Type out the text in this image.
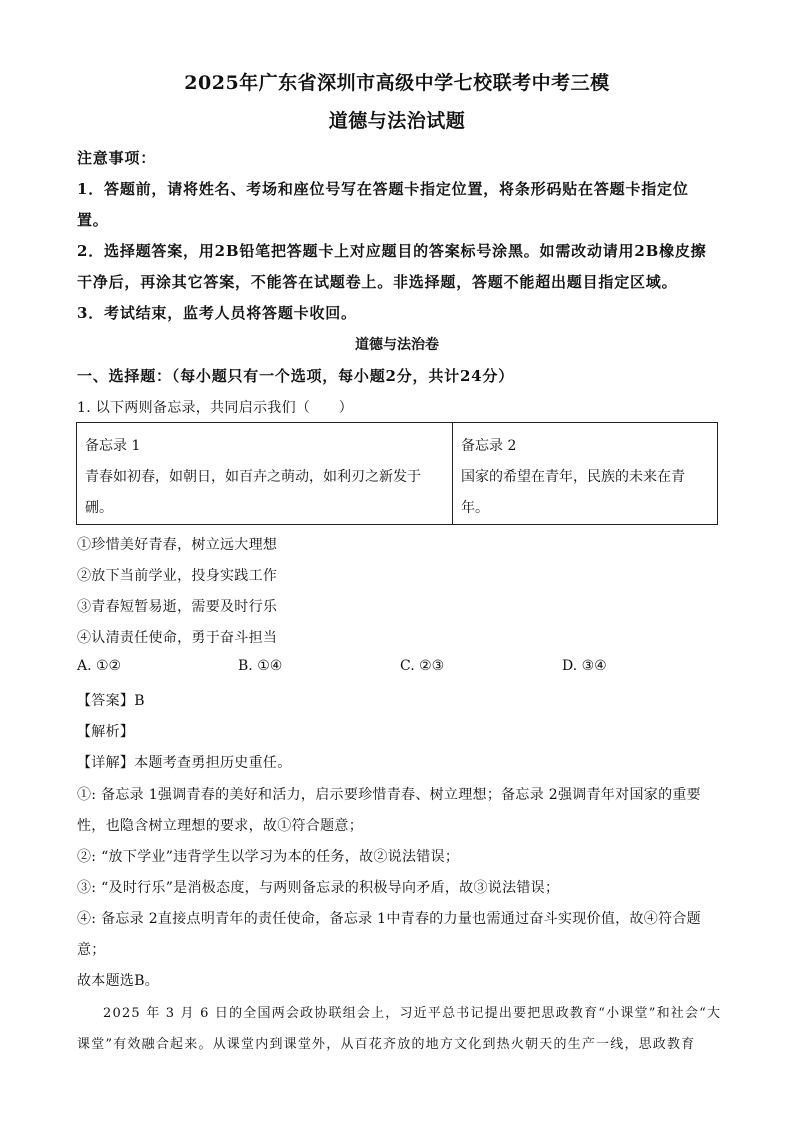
2025年广东省深圳市高级中学七校联考中考三模
道德与法治试题
注意事项：
1．答题前，请将姓名、考场和座位号写在答题卡指定位置，将条形码贴在答题卡指定位
置。
2．选择题答案，用2B铅笔把答题卡上对应题目的答案标号涂黑。如需改动请用2B橡皮擦
干净后，再涂其它答案，不能答在试题卷上。非选择题，答题不能超出题目指定区域。
3．考试结束，监考人员将答题卡收回。
道德与法治卷
一、选择题：（每小题只有一个选项，每小题2分，共计24分）
1. 以下两则备忘录，共同启示我们（　　）
备忘录 1
青春如初春，如朝日，如百卉之萌动，如利刃之新发于
硎。

备忘录 2
国家的希望在青年，民族的未来在青
年。
①珍惜美好青春，树立远大理想
②放下当前学业，投身实践工作
③青春短暂易逝，需要及时行乐
④认清责任使命，勇于奋斗担当
A. ①②	B. ①④	C. ②③	D. ③④
【答案】B
【解析】
【详解】本题考查勇担历史重任。
①: 备忘录 1强调青春的美好和活力，启示要珍惜青春、树立理想；备忘录 2强调青年对国家的重要
性，也隐含树立理想的要求，故①符合题意；
②: “放下学业”违背学生以学习为本的任务，故②说法错误；
③: “及时行乐”是消极态度，与两则备忘录的积极导向矛盾，故③说法错误；
④: 备忘录 2直接点明青年的责任使命，备忘录 1中青春的力量也需通过奋斗实现价值，故④符合题
意；
故本题选B。
2025 年 3 月 6 日的全国两会政协联组会上，习近平总书记提出要把思政教育“小课堂”和社会“大
课堂”有效融合起来。从课堂内到课堂外，从百花齐放的地方文化到热火朝天的生产一线，思政教育
